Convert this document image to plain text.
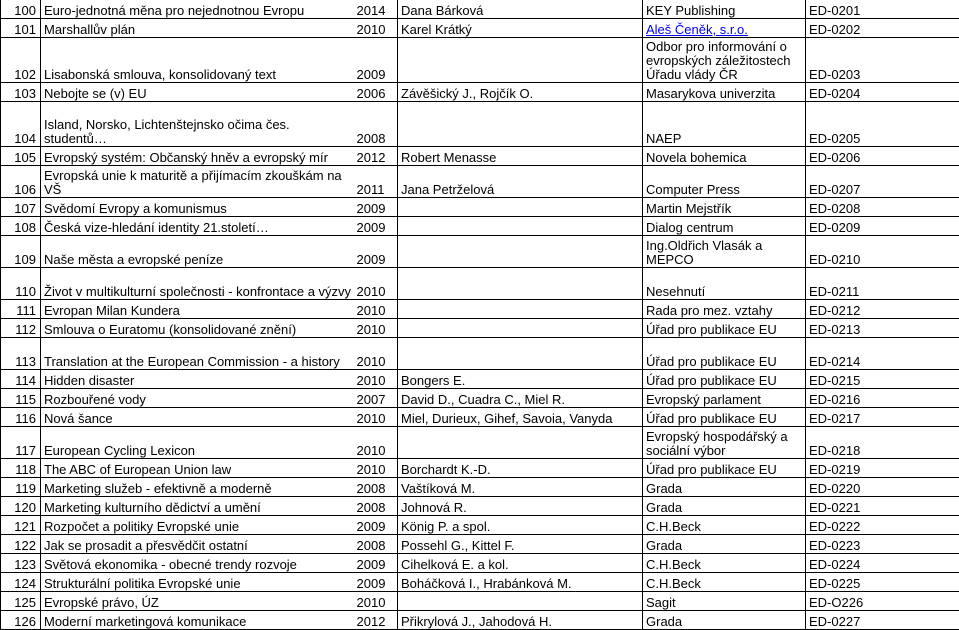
100	Euro-jednotná měna pro nejednotnou Evropu	2014	Dana Bárková	KEY Publishing	ED-0201
101	Marshallův plán	2010	Karel Krátký	Aleš Čeněk, s.r.o.	ED-0202
102	Lisabonská smlouva, konsolidovaný text	2009		Odbor pro informování o evropských záležitostech Úřadu vlády ČR	ED-0203
103	Nebojte se (v) EU	2006	Závěšický J., Rojčík O.	Masarykova univerzita	ED-0204
104	Island, Norsko, Lichtenštejnsko očima čes. studentů…	2008		NAEP	ED-0205
105	Evropský systém: Občanský hněv a evropský mír	2012	Robert Menasse	Novela bohemica	ED-0206
106	Evropská unie k maturitě a přijímacím zkouškám na VŠ	2011	Jana Petrželová	Computer Press	ED-0207
107	Svědomí Evropy a komunismus	2009		Martin Mejstřík	ED-0208
108	Česká vize-hledání identity 21.století…	2009		Dialog centrum	ED-0209
109	Naše města a evropské peníze	2009		Ing.Oldřich Vlasák a MEPCO	ED-0210
110	Život v multikulturní společnosti - konfrontace a výzvy	2010		Nesehnutí	ED-0211
111	Evropan Milan Kundera	2010		Rada pro mez. vztahy	ED-0212
112	Smlouva o Euratomu (konsolidované znění)	2010		Úřad pro publikace EU	ED-0213
113	Translation at the European Commission - a history	2010		Úřad pro publikace EU	ED-0214
114	Hidden disaster	2010	Bongers E.	Úřad pro publikace EU	ED-0215
115	Rozbouřené vody	2007	David D., Cuadra C., Miel R.	Evropský parlament	ED-0216
116	Nová šance	2010	Miel, Durieux, Gihef, Savoia, Vanyda	Úřad pro publikace EU	ED-0217
117	European Cycling Lexicon	2010		Evropský hospodářský a sociální výbor	ED-0218
118	The ABC of European Union law	2010	Borchardt K.-D.	Úřad pro publikace EU	ED-0219
119	Marketing služeb - efektivně a moderně	2008	Vaštíková M.	Grada	ED-0220
120	Marketing kulturního dědictví a umění	2008	Johnová R.	Grada	ED-0221
121	Rozpočet a politiky Evropské unie	2009	König P. a spol.	C.H.Beck	ED-0222
122	Jak se prosadit a přesvědčit ostatní	2008	Possehl G., Kittel F.	Grada	ED-0223
123	Světová ekonomika - obecné trendy rozvoje	2009	Cihelková E. a kol.	C.H.Beck	ED-0224
124	Strukturální politika Evropské unie	2009	Boháčková I., Hrabánková M.	C.H.Beck	ED-0225
125	Evropské právo, ÚZ	2010		Sagit	ED-O226
126	Moderní marketingová komunikace	2012	Přikrylová J., Jahodová H.	Grada	ED-0227
